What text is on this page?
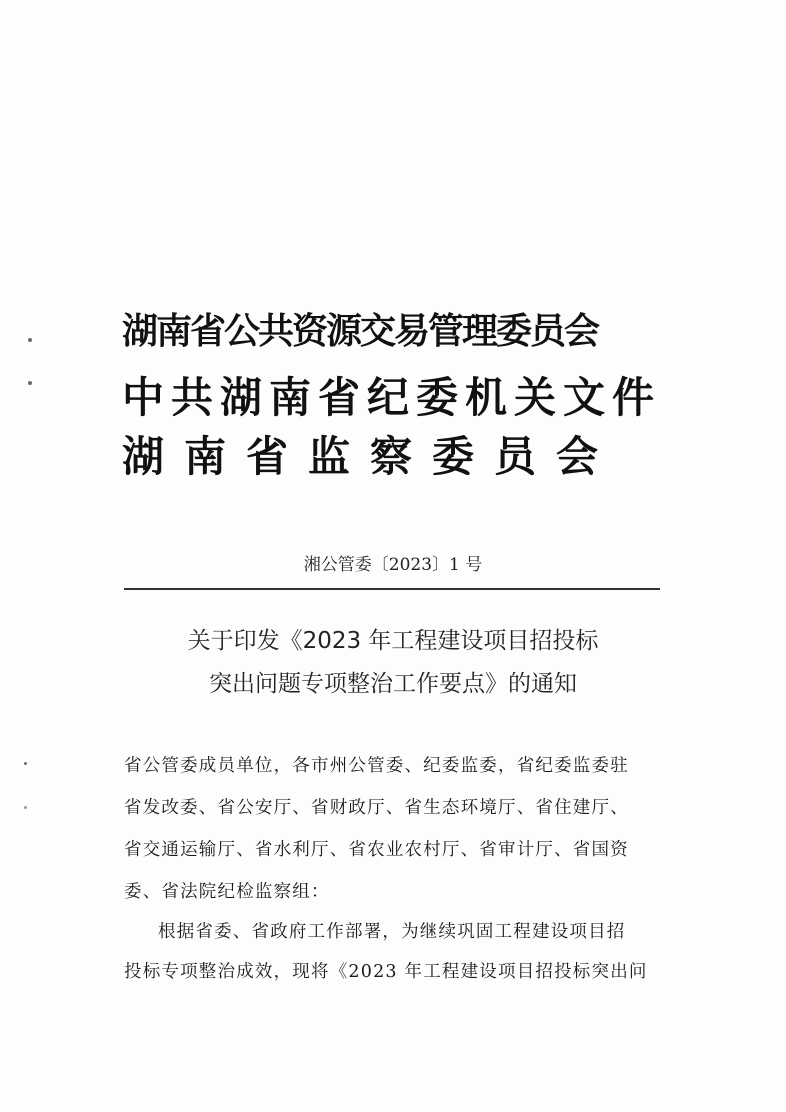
湖南省公共资源交易管理委员会
中共湖南省纪委机关文件
湖南省监察委员会
湘公管委〔2023〕1 号
关于印发《2023 年工程建设项目招投标
突出问题专项整治工作要点》的通知
省公管委成员单位，各市州公管委、纪委监委，省纪委监委驻
省发改委、省公安厅、省财政厅、省生态环境厅、省住建厅、
省交通运输厅、省水利厅、省农业农村厅、省审计厅、省国资
委、省法院纪检监察组：
根据省委、省政府工作部署，为继续巩固工程建设项目招
投标专项整治成效，现将《2023 年工程建设项目招投标突出问
